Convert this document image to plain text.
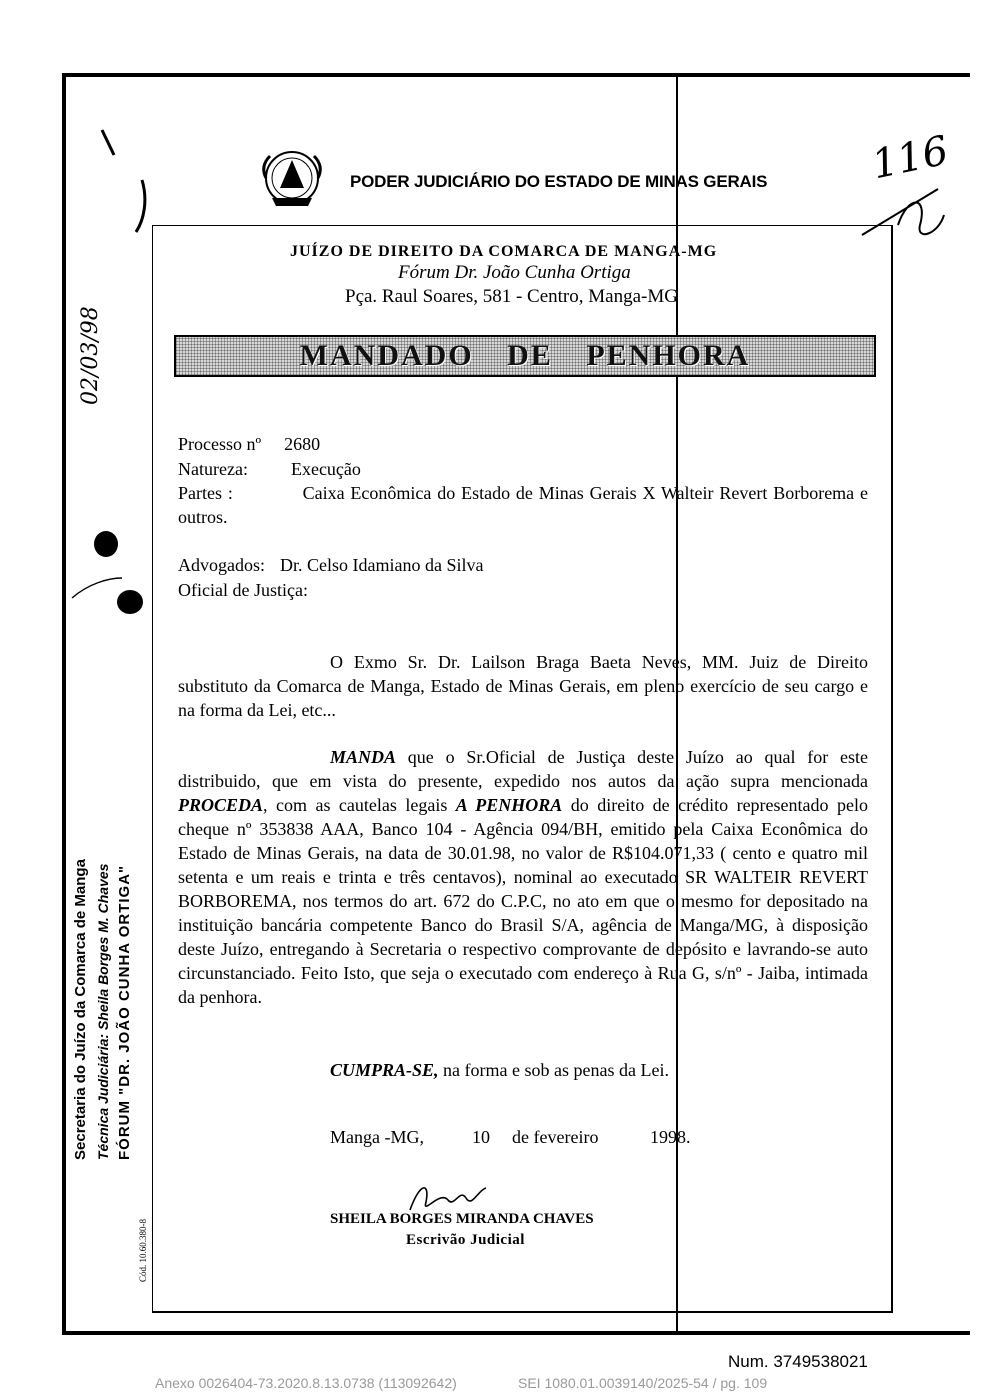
PODER JUDICIÁRIO DO ESTADO DE MINAS GERAIS
JUÍZO DE DIREITO DA COMARCA DE MANGA-MG
Fórum Dr. João Cunha Ortiga
Pça. Raul Soares, 581 - Centro, Manga-MG
MANDADO DE PENHORA
Processo nº 2680
Natureza: Execução
Partes :	Caixa Econômica do Estado de Minas Gerais X Walteir Revert Borborema e outros.
Advogados: Dr. Celso Idamiano da Silva
Oficial de Justiça:
O Exmo Sr. Dr. Lailson Braga Baeta Neves, MM. Juiz de Direito substituto da Comarca de Manga, Estado de Minas Gerais, em pleno exercício de seu cargo e na forma da Lei, etc...
MANDA que o Sr.Oficial de Justiça deste Juízo ao qual for este distribuido, que em vista do presente, expedido nos autos da ação supra mencionada PROCEDA, com as cautelas legais A PENHORA do direito de crédito representado pelo cheque nº 353838 AAA, Banco 104 - Agência 094/BH, emitido pela Caixa Econômica do Estado de Minas Gerais, na data de 30.01.98, no valor de R$104.071,33 ( cento e quatro mil setenta e um reais e trinta e três centavos), nominal ao executado SR WALTEIR REVERT BORBOREMA, nos termos do art. 672 do C.P.C, no ato em que o mesmo for depositado na instituição bancária competente Banco do Brasil S/A, agência de Manga/MG, à disposição deste Juízo, entregando à Secretaria o respectivo comprovante de depósito e lavrando-se auto circunstanciado. Feito Isto, que seja o executado com endereço à Rua G, s/nº - Jaiba, intimada da penhora.
CUMPRA-SE, na forma e sob as penas da Lei.
Manga -MG,	10 de fevereiro	1998.
SHEILA BORGES MIRANDA CHAVES
Escrivão Judicial
116
02/03/98
Secretaria do Juízo da Comarca de Manga Técnica Judiciária: Sheila Borges M. Chaves FÓRUM "DR. JOÃO CUNHA ORTIGA"
Cód. 10.60.380-8
Num. 3749538021
Anexo 0026404-73.2020.8.13.0738 (113092642)	SEI 1080.01.0039140/2025-54 / pg. 109
